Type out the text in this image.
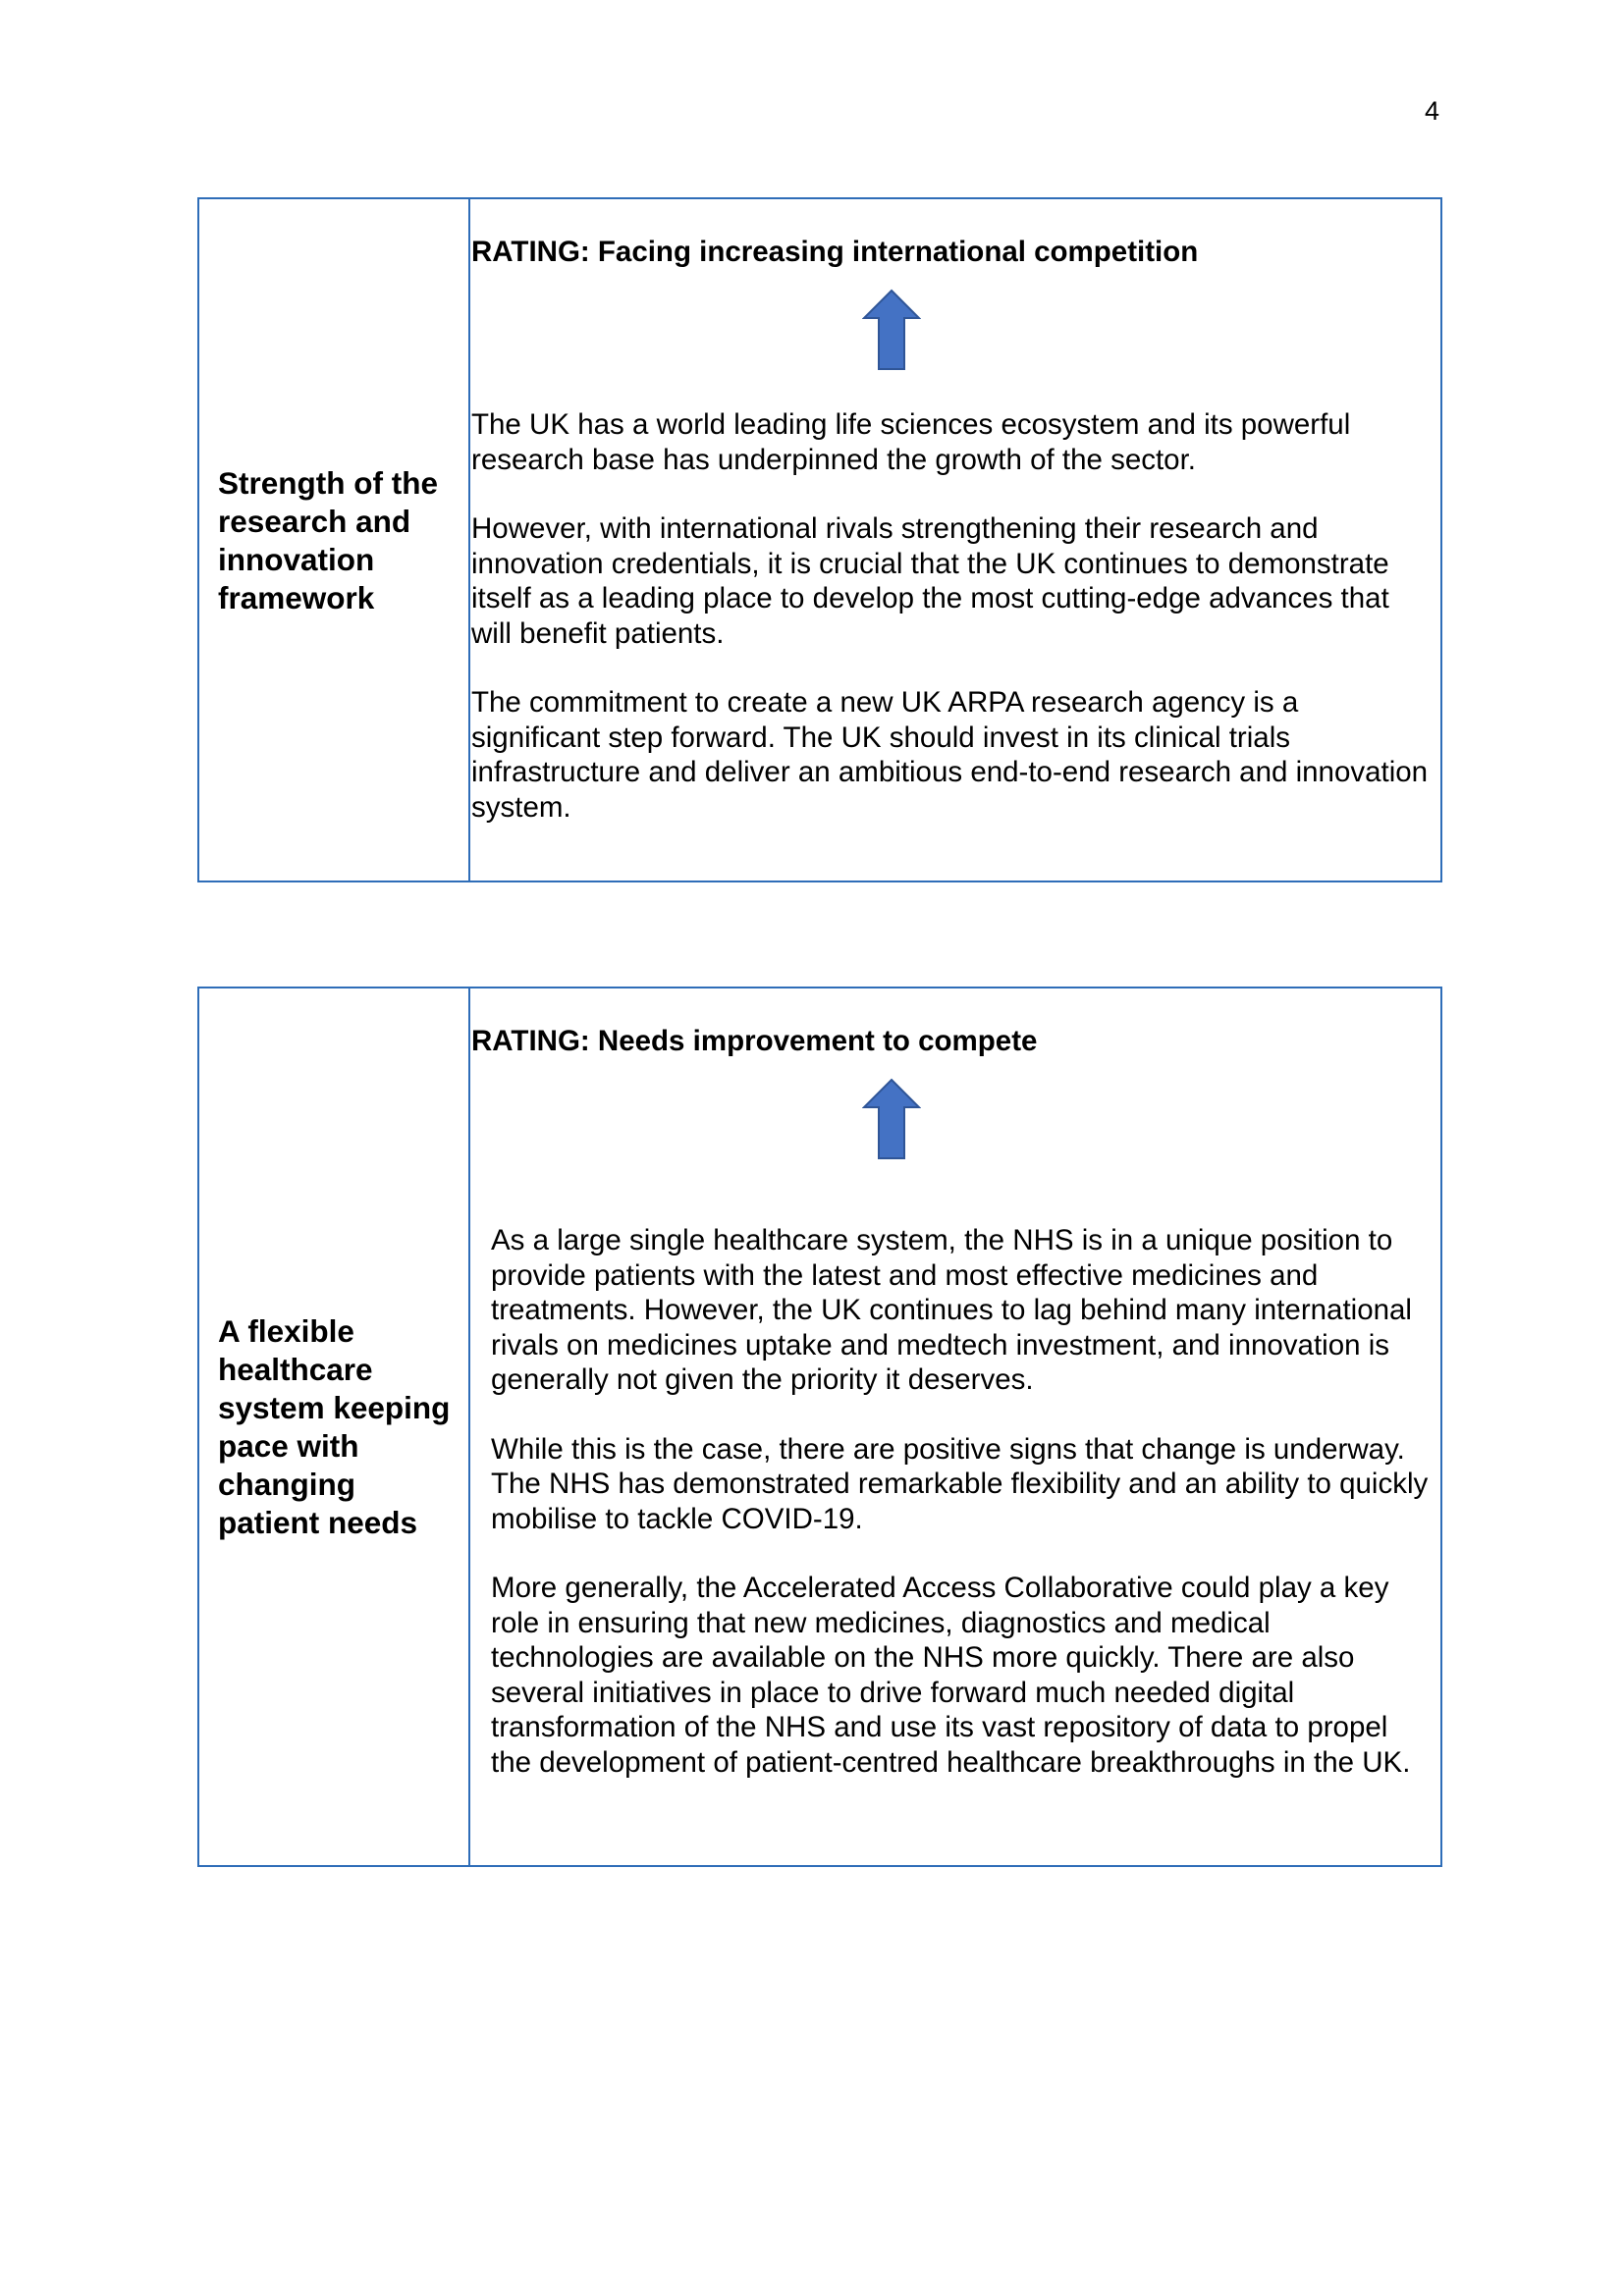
4
Strength of the
research and
innovation
framework
RATING: Facing increasing international competition

The UK has a world leading life sciences ecosystem and its powerful research base has underpinned the growth of the sector.

However, with international rivals strengthening their research and innovation credentials, it is crucial that the UK continues to demonstrate itself as a leading place to develop the most cutting-edge advances that will benefit patients.

The commitment to create a new UK ARPA research agency is a significant step forward. The UK should invest in its clinical trials infrastructure and deliver an ambitious end-to-end research and innovation system.

A flexible
healthcare
system keeping
pace with
changing
patient needs
RATING: Needs improvement to compete

As a large single healthcare system, the NHS is in a unique position to provide patients with the latest and most effective medicines and treatments. However, the UK continues to lag behind many international rivals on medicines uptake and medtech investment, and innovation is generally not given the priority it deserves.

While this is the case, there are positive signs that change is underway. The NHS has demonstrated remarkable flexibility and an ability to quickly mobilise to tackle COVID-19.

More generally, the Accelerated Access Collaborative could play a key role in ensuring that new medicines, diagnostics and medical technologies are available on the NHS more quickly. There are also several initiatives in place to drive forward much needed digital transformation of the NHS and use its vast repository of data to propel the development of patient-centred healthcare breakthroughs in the UK.
